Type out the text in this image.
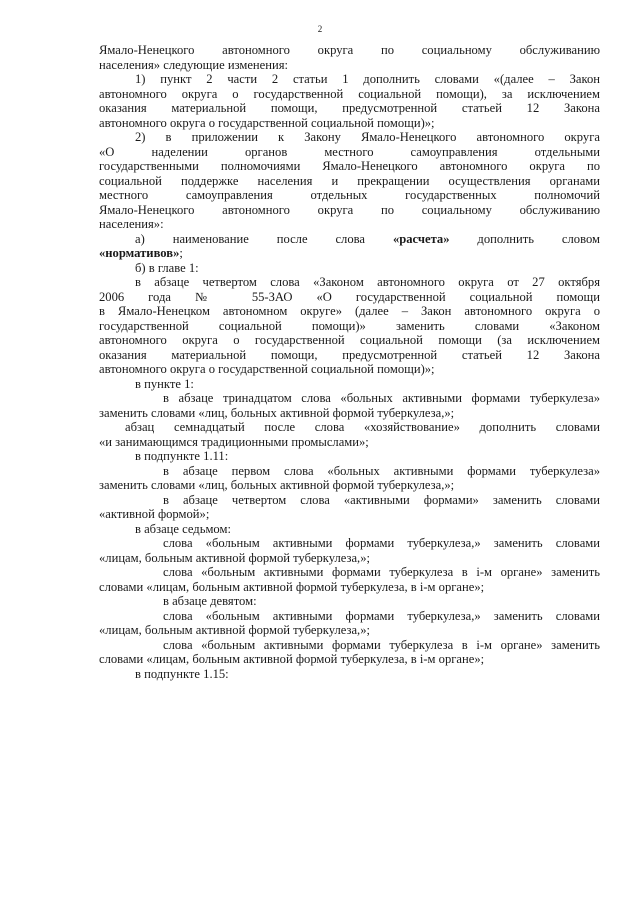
2
Ямало-Ненецкого автономного округа по социальному обслуживанию
населения» следующие изменения:
1) пункт 2 части 2 статьи 1 дополнить словами «(далее – Закон
автономного округа о государственной социальной помощи), за исключением
оказания материальной помощи, предусмотренной статьей 12 Закона
автономного округа о государственной социальной помощи)»;
2) в приложении к Закону Ямало-Ненецкого автономного округа
«О наделении органов местного самоуправления отдельными
государственными полномочиями Ямало-Ненецкого автономного округа по
социальной поддержке населения и прекращении осуществления органами
местного самоуправления отдельных государственных полномочий
Ямало-Ненецкого автономного округа по социальному обслуживанию
населения»:
а) наименование после слова «расчета» дополнить словом
«нормативов»;
б) в главе 1:
в абзаце четвертом слова «Законом автономного округа от 27 октября
2006 года № 55-ЗАО «О государственной социальной помощи
в Ямало-Ненецком автономном округе» (далее – Закон автономного округа о
государственной социальной помощи)» заменить словами «Законом
автономного округа о государственной социальной помощи (за исключением
оказания материальной помощи, предусмотренной статьей 12 Закона
автономного округа о государственной социальной помощи)»;
в пункте 1:
в абзаце тринадцатом слова «больных активными формами туберкулеза»
заменить словами «лиц, больных активной формой туберкулеза,»;
абзац семнадцатый после слова «хозяйствование» дополнить словами
«и занимающимся традиционными промыслами»;
в подпункте 1.11:
в абзаце первом слова «больных активными формами туберкулеза»
заменить словами «лиц, больных активной формой туберкулеза,»;
в абзаце четвертом слова «активными формами» заменить словами
«активной формой»;
в абзаце седьмом:
слова «больным активными формами туберкулеза,» заменить словами
«лицам, больным активной формой туберкулеза,»;
слова «больным активными формами туберкулеза в i-м органе» заменить
словами «лицам, больным активной формой туберкулеза, в i-м органе»;
в абзаце девятом:
слова «больным активными формами туберкулеза,» заменить словами
«лицам, больным активной формой туберкулеза,»;
слова «больным активными формами туберкулеза в i-м органе» заменить
словами «лицам, больным активной формой туберкулеза, в i-м органе»;
в подпункте 1.15:
